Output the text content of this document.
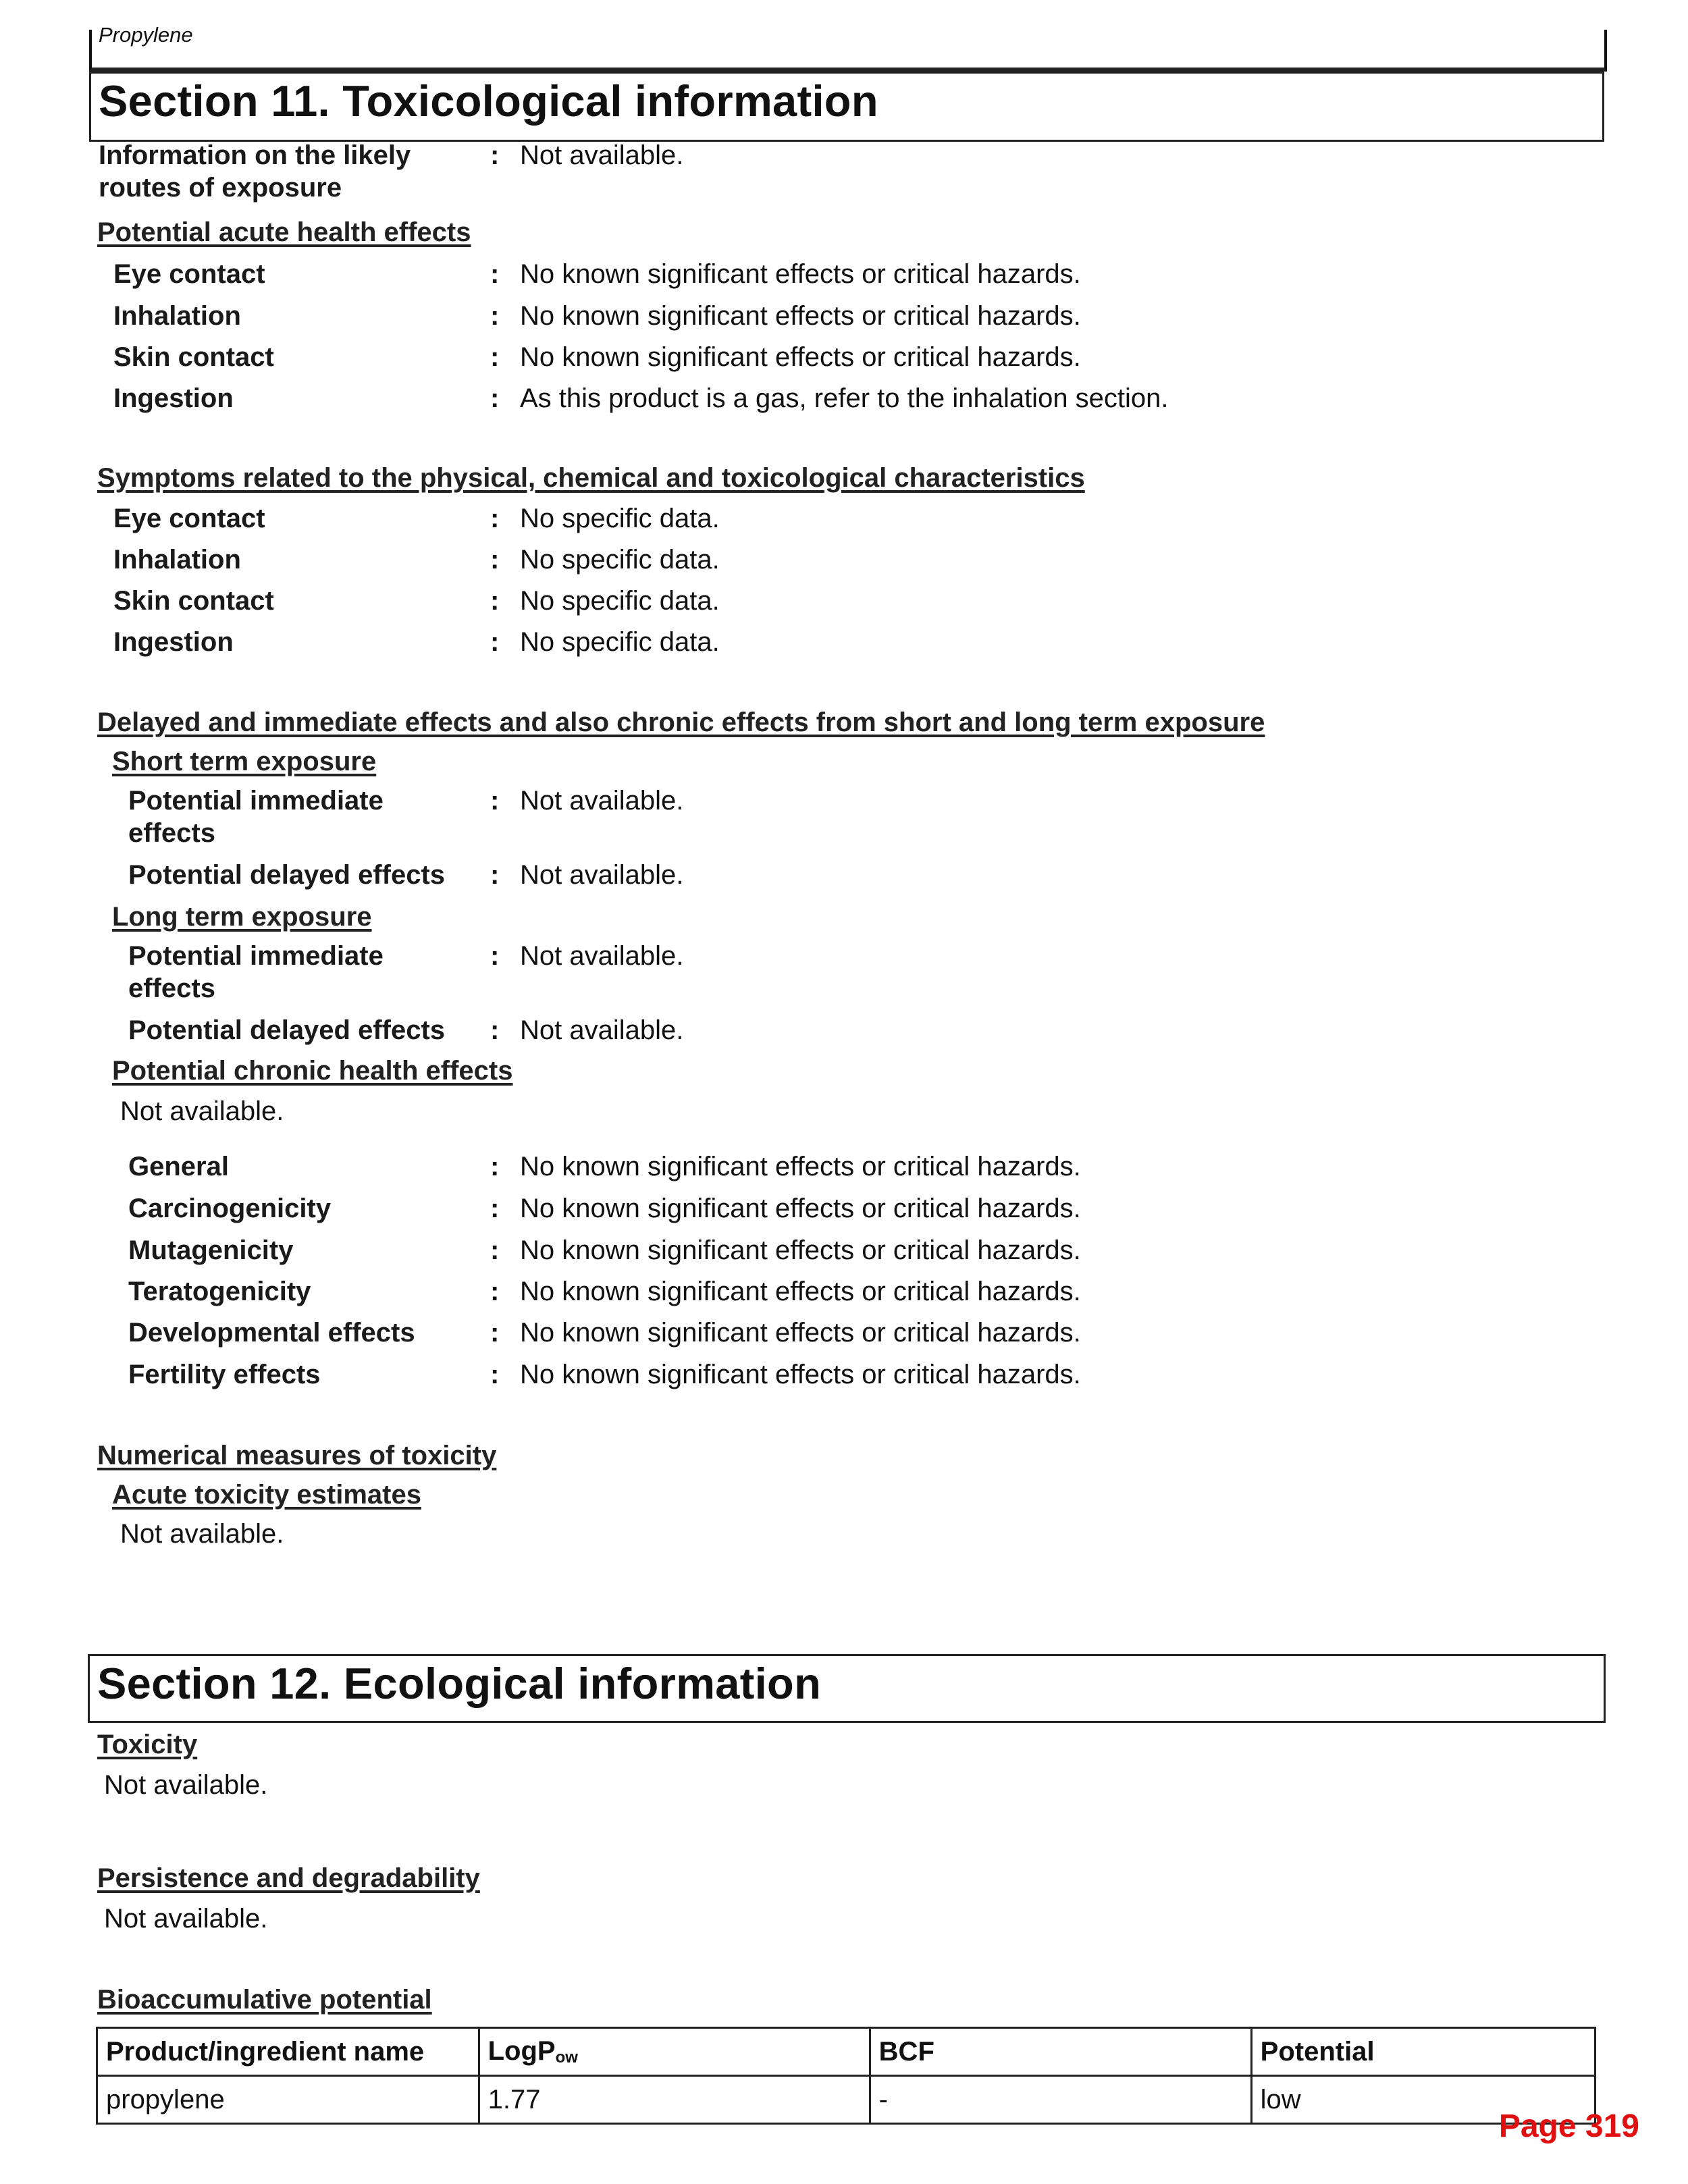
Propylene
Section 11. Toxicological information
Information on the likely
routes of exposure
: Not available.
Potential acute health effects
Eye contact	: No known significant effects or critical hazards.
Inhalation	: No known significant effects or critical hazards.
Skin contact	: No known significant effects or critical hazards.
Ingestion	: As this product is a gas, refer to the inhalation section.
Symptoms related to the physical, chemical and toxicological characteristics
Eye contact	: No specific data.
Inhalation	: No specific data.
Skin contact	: No specific data.
Ingestion	: No specific data.
Delayed and immediate effects and also chronic effects from short and long term exposure
Short term exposure
Potential immediate
effects
: Not available.
Potential delayed effects : Not available.
Long term exposure
Potential immediate
effects
: Not available.
Potential delayed effects : Not available.
Potential chronic health effects
Not available.
General	: No known significant effects or critical hazards.
Carcinogenicity	: No known significant effects or critical hazards.
Mutagenicity	: No known significant effects or critical hazards.
Teratogenicity	: No known significant effects or critical hazards.
Developmental effects	: No known significant effects or critical hazards.
Fertility effects	: No known significant effects or critical hazards.
Numerical measures of toxicity
Acute toxicity estimates
Not available.
Section 12. Ecological information
Toxicity
Not available.
Persistence and degradability
Not available.
Bioaccumulative potential
Product/ingredient name	LogP$_{ow}$	BCF	Potential
propylene	1.77	-	low
Page 319
